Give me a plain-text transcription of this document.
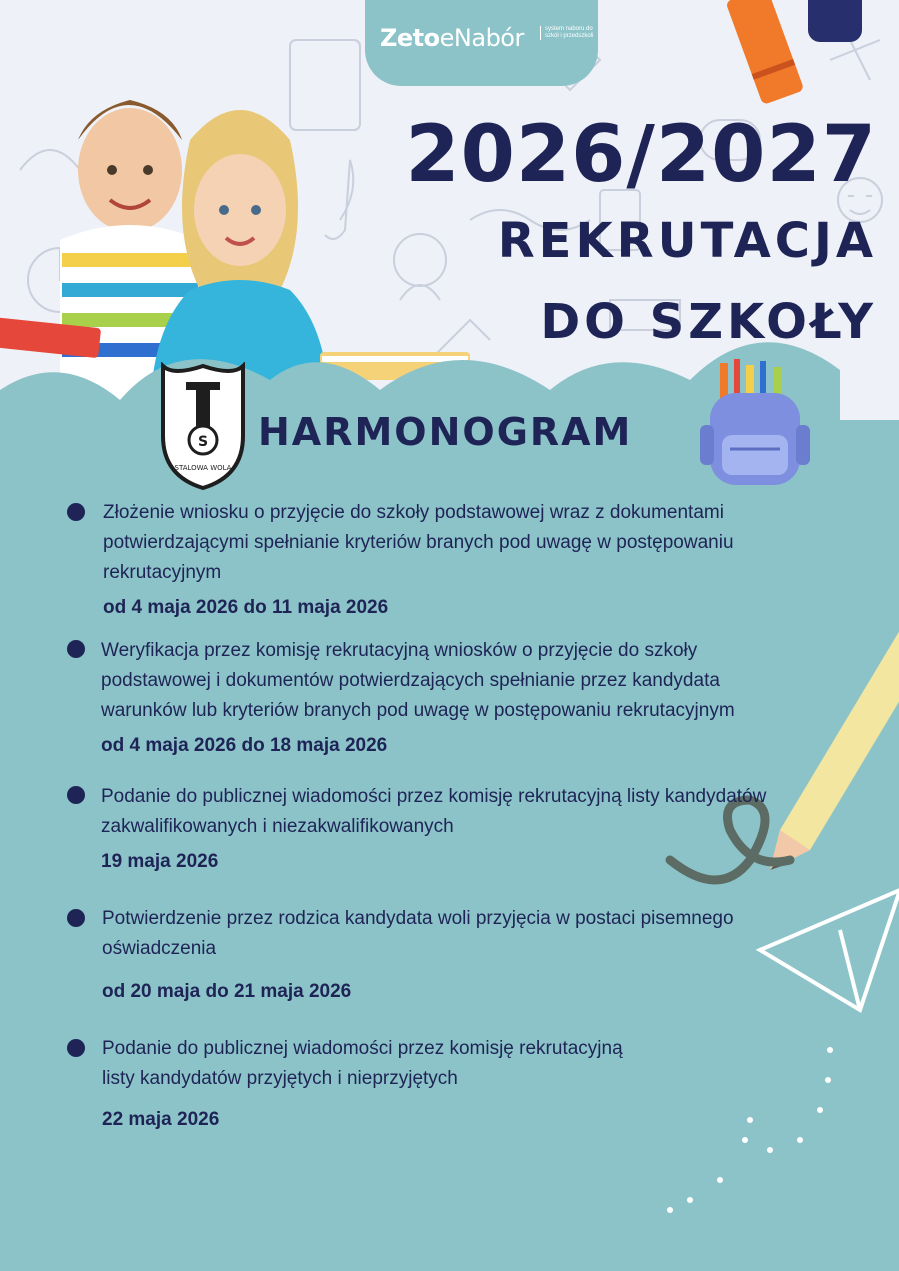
ZetoeNabór	system naboru do szkół i przedszkoli
2026/2027
REKRUTACJA
DO SZKOŁY
S
STALOWA WOLA
HARMONOGRAM
Złożenie wniosku o przyjęcie do szkoły podstawowej wraz z dokumentami
potwierdzającymi spełnianie kryteriów branych pod uwagę w postępowaniu
rekrutacyjnym
od 4 maja 2026 do 11 maja 2026
Weryfikacja przez komisję rekrutacyjną wniosków o przyjęcie do szkoły
podstawowej i dokumentów potwierdzających spełnianie przez kandydata
warunków lub kryteriów branych pod uwagę w postępowaniu rekrutacyjnym
od 4 maja 2026 do 18 maja 2026
Podanie do publicznej wiadomości przez komisję rekrutacyjną listy kandydatów
zakwalifikowanych i niezakwalifikowanych
19 maja 2026
Potwierdzenie przez rodzica kandydata woli przyjęcia w postaci pisemnego
oświadczenia
od 20 maja do 21 maja 2026
Podanie do publicznej wiadomości przez komisję rekrutacyjną
listy kandydatów przyjętych i nieprzyjętych
22 maja 2026
